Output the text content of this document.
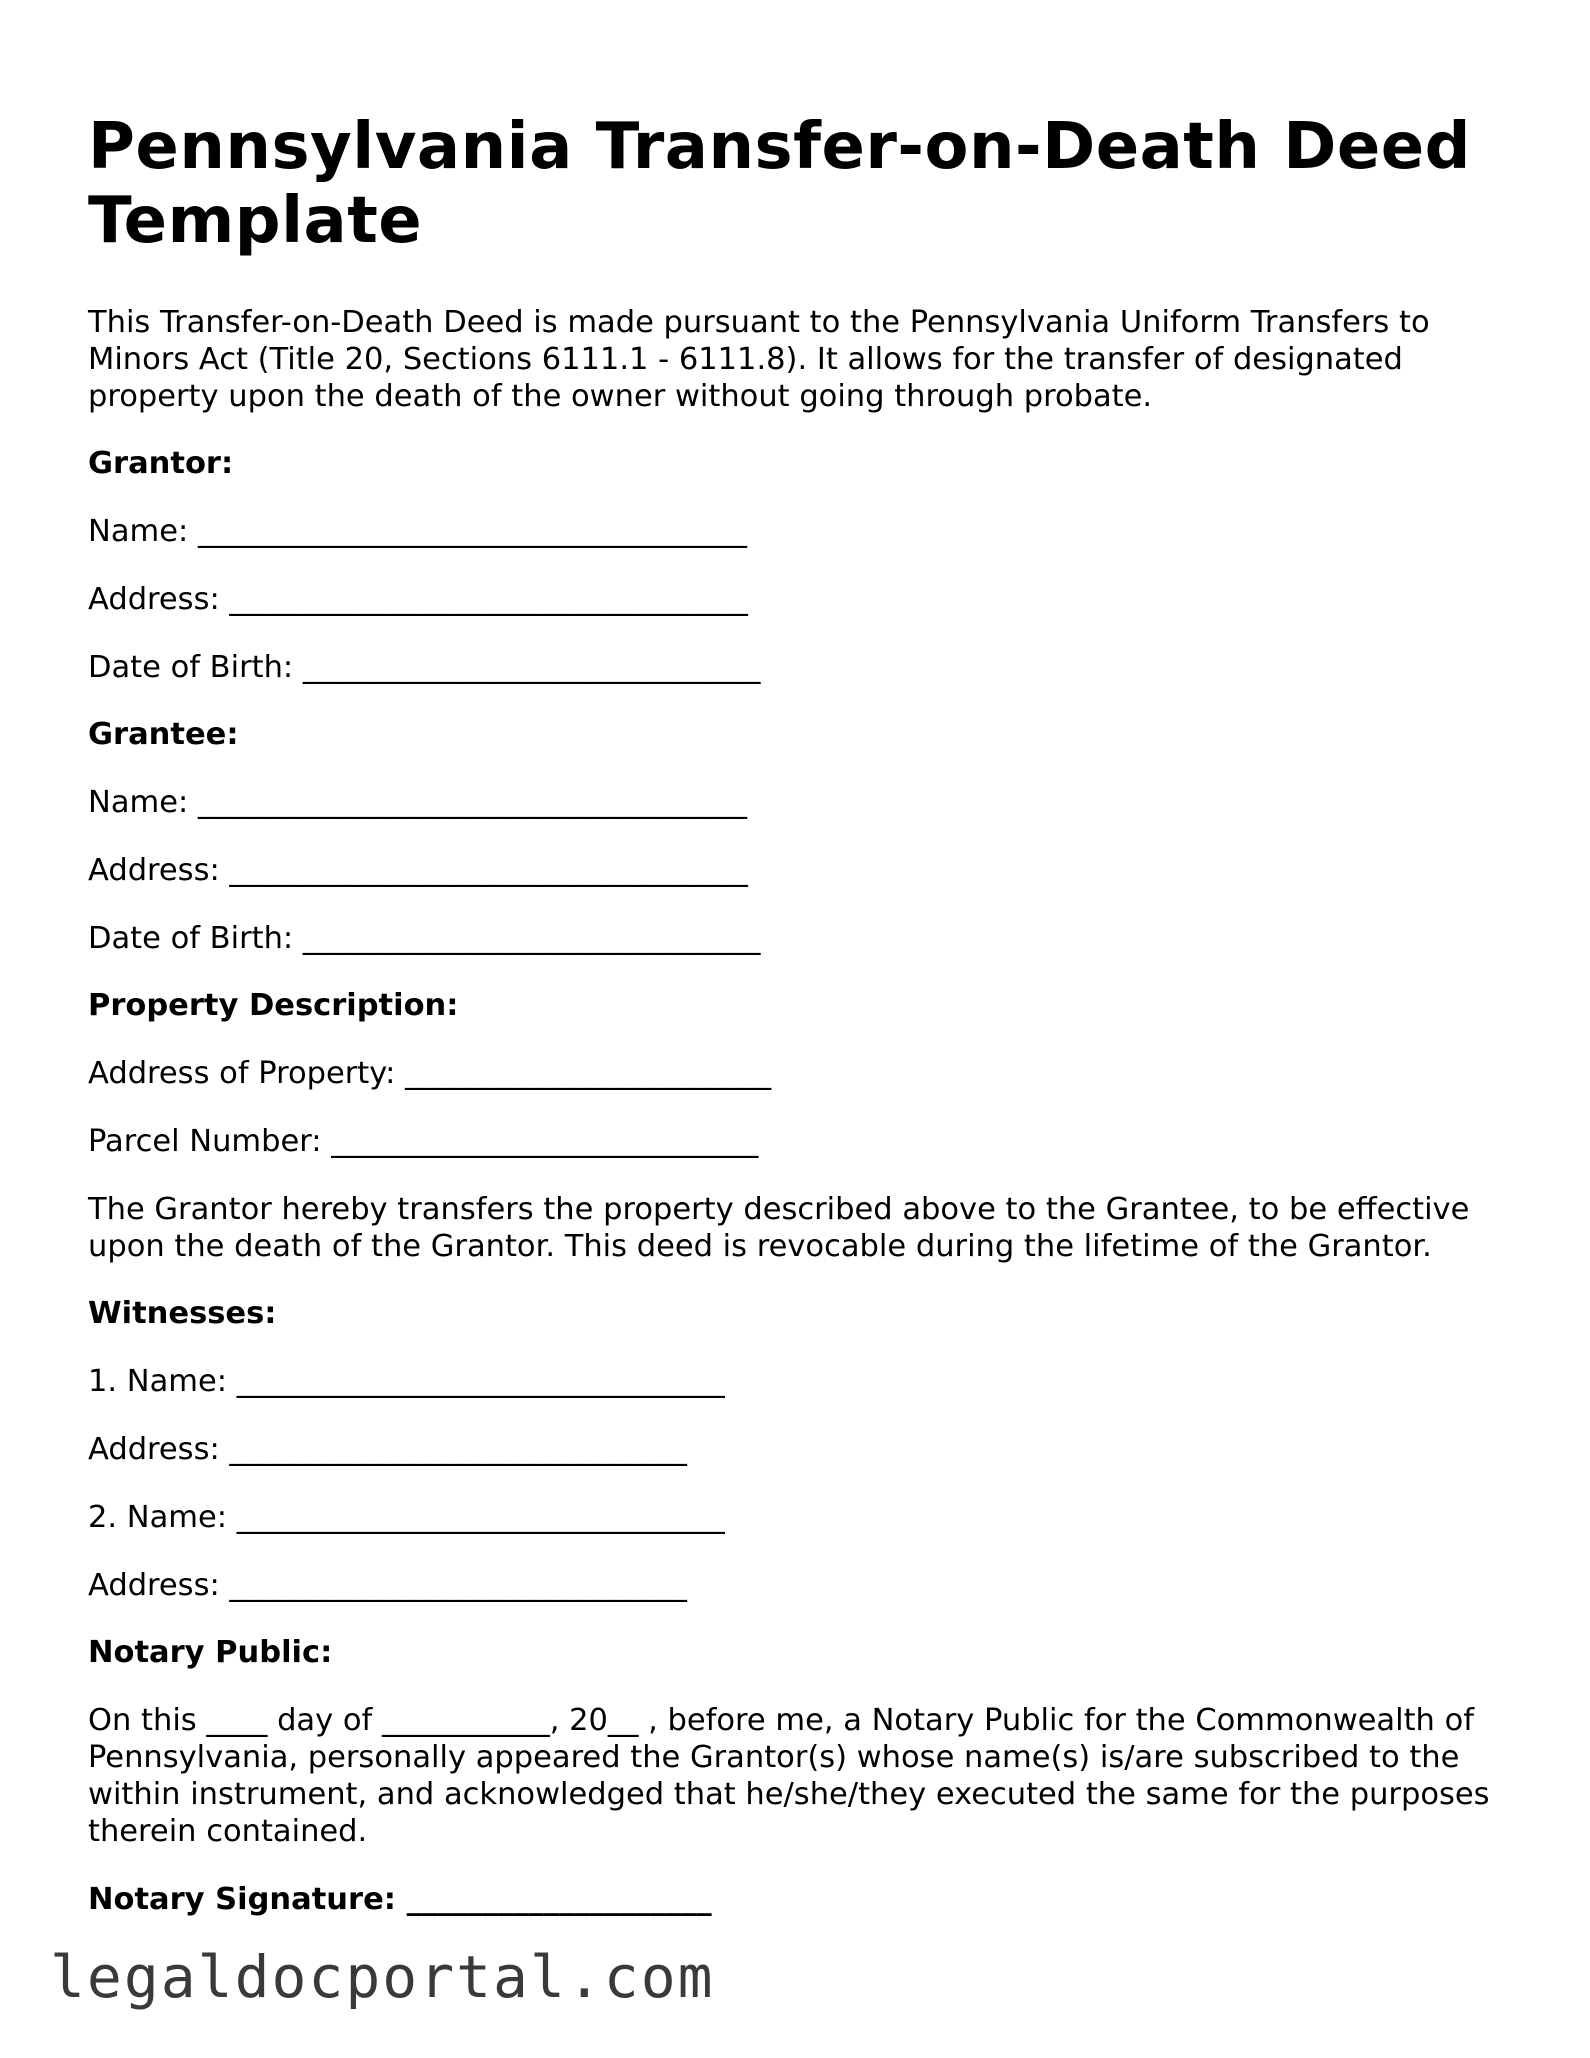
Pennsylvania Transfer-on-Death Deed Template

This Transfer-on-Death Deed is made pursuant to the Pennsylvania Uniform Transfers to Minors Act (Title 20, Sections 6111.1 - 6111.8). It allows for the transfer of designated property upon the death of the owner without going through probate.

Grantor:
Name: ____________________________________
Address: __________________________________
Date of Birth: ______________________________
Grantee:
Name: ____________________________________
Address: __________________________________
Date of Birth: ______________________________
Property Description:
Address of Property: ________________________
Parcel Number: ____________________________

The Grantor hereby transfers the property described above to the Grantee, to be effective upon the death of the Grantor. This deed is revocable during the lifetime of the Grantor.

Witnesses:
1. Name: ________________________________
Address: ______________________________
2. Name: ________________________________
Address: ______________________________
Notary Public:

On this ____ day of ___________, 20__ , before me, a Notary Public for the Commonwealth of Pennsylvania, personally appeared the Grantor(s) whose name(s) is/are subscribed to the within instrument, and acknowledged that he/she/they executed the same for the purposes therein contained.

Notary Signature: ____________________
legaldocportal.com
